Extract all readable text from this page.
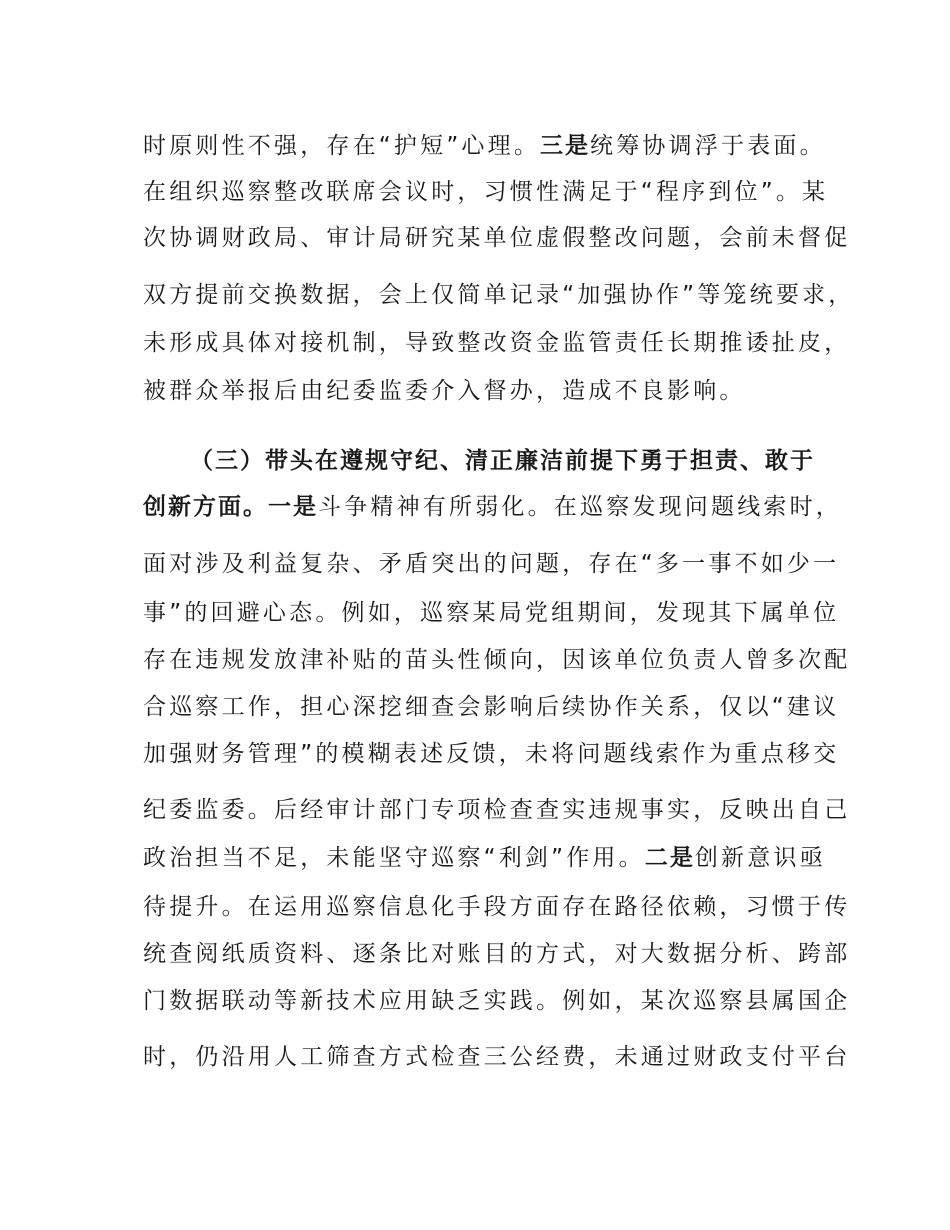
时原则性不强，存在“护短”心理。三是统筹协调浮于表面。
在组织巡察整改联席会议时，习惯性满足于“程序到位”。某
次协调财政局、审计局研究某单位虚假整改问题，会前未督促
双方提前交换数据，会上仅简单记录“加强协作”等笼统要求，
未形成具体对接机制，导致整改资金监管责任长期推诿扯皮，
被群众举报后由纪委监委介入督办，造成不良影响。
（三）带头在遵规守纪、清正廉洁前提下勇于担责、敢于
创新方面。一是斗争精神有所弱化。在巡察发现问题线索时，
面对涉及利益复杂、矛盾突出的问题，存在“多一事不如少一
事”的回避心态。例如，巡察某局党组期间，发现其下属单位
存在违规发放津补贴的苗头性倾向，因该单位负责人曾多次配
合巡察工作，担心深挖细查会影响后续协作关系，仅以“建议
加强财务管理”的模糊表述反馈，未将问题线索作为重点移交
纪委监委。后经审计部门专项检查查实违规事实，反映出自己
政治担当不足，未能坚守巡察“利剑”作用。二是创新意识亟
待提升。在运用巡察信息化手段方面存在路径依赖，习惯于传
统查阅纸质资料、逐条比对账目的方式，对大数据分析、跨部
门数据联动等新技术应用缺乏实践。例如，某次巡察县属国企
时，仍沿用人工筛查方式检查三公经费，未通过财政支付平台
